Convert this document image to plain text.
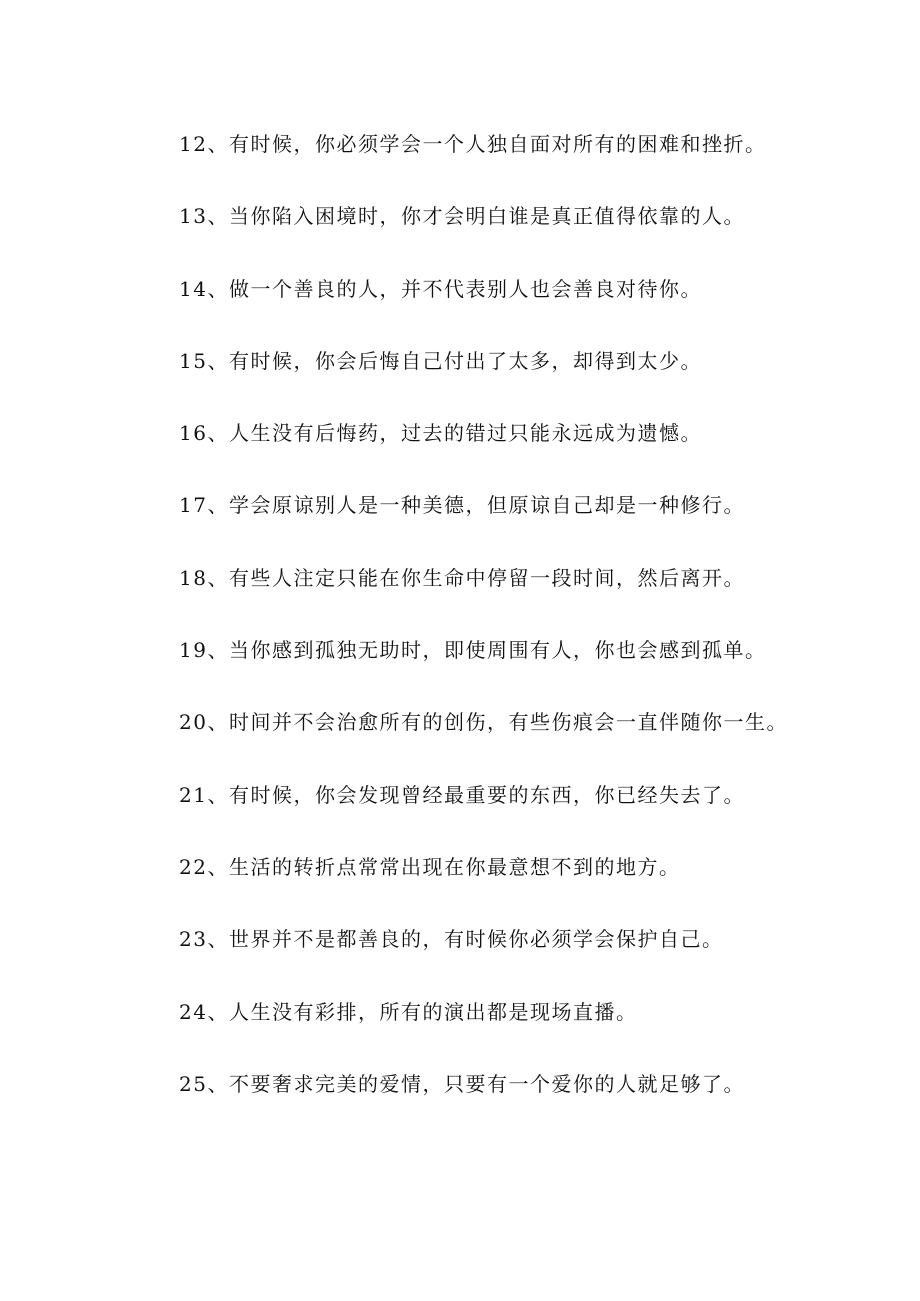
12、有时候，你必须学会一个人独自面对所有的困难和挫折。
13、当你陷入困境时，你才会明白谁是真正值得依靠的人。
14、做一个善良的人，并不代表别人也会善良对待你。
15、有时候，你会后悔自己付出了太多，却得到太少。
16、人生没有后悔药，过去的错过只能永远成为遗憾。
17、学会原谅别人是一种美德，但原谅自己却是一种修行。
18、有些人注定只能在你生命中停留一段时间，然后离开。
19、当你感到孤独无助时，即使周围有人，你也会感到孤单。
20、时间并不会治愈所有的创伤，有些伤痕会一直伴随你一生。
21、有时候，你会发现曾经最重要的东西，你已经失去了。
22、生活的转折点常常出现在你最意想不到的地方。
23、世界并不是都善良的，有时候你必须学会保护自己。
24、人生没有彩排，所有的演出都是现场直播。
25、不要奢求完美的爱情，只要有一个爱你的人就足够了。
